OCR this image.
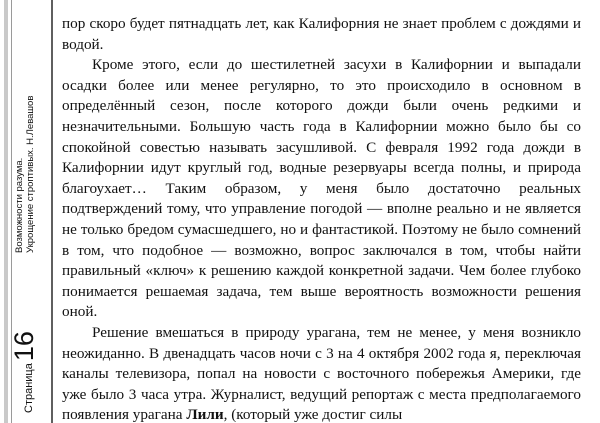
Страница
16
Возможности разума. Укрощение строптивых. Н.Левашов

пор скоро будет пятнадцать лет, как Калифорния не знает проблем с дождями и водой.

Кроме этого, если до шестилетней засухи в Калифорнии и выпадали осадки более или менее регулярно, то это происходило в основном в определённый сезон, после которого дожди были очень редкими и незначительными. Большую часть года в Калифорнии можно было бы со спокойной совестью называть засушливой. С февраля 1992 года дожди в Калифорнии идут круглый год, водные резервуары всегда полны, и природа благоухает… Таким образом, у меня было достаточно реальных подтверждений тому, что управление погодой — вполне реально и не является не только бредом сумасшедшего, но и фантастикой. Поэтому не было сомнений в том, что подобное — возможно, вопрос заключался в том, чтобы найти правильный «ключ» к решению каждой конкретной задачи. Чем более глубоко понимается решаемая задача, тем выше вероятность возможности решения оной.

Решение вмешаться в природу урагана, тем не менее, у меня возникло неожиданно. В двенадцать часов ночи с 3 на 4 октября 2002 года я, переключая каналы телевизора, попал на новости с восточного побережья Америки, где уже было 3 часа утра. Журналист, ведущий репортаж с места предполагаемого появления урагана Лили, (который уже достиг силы
